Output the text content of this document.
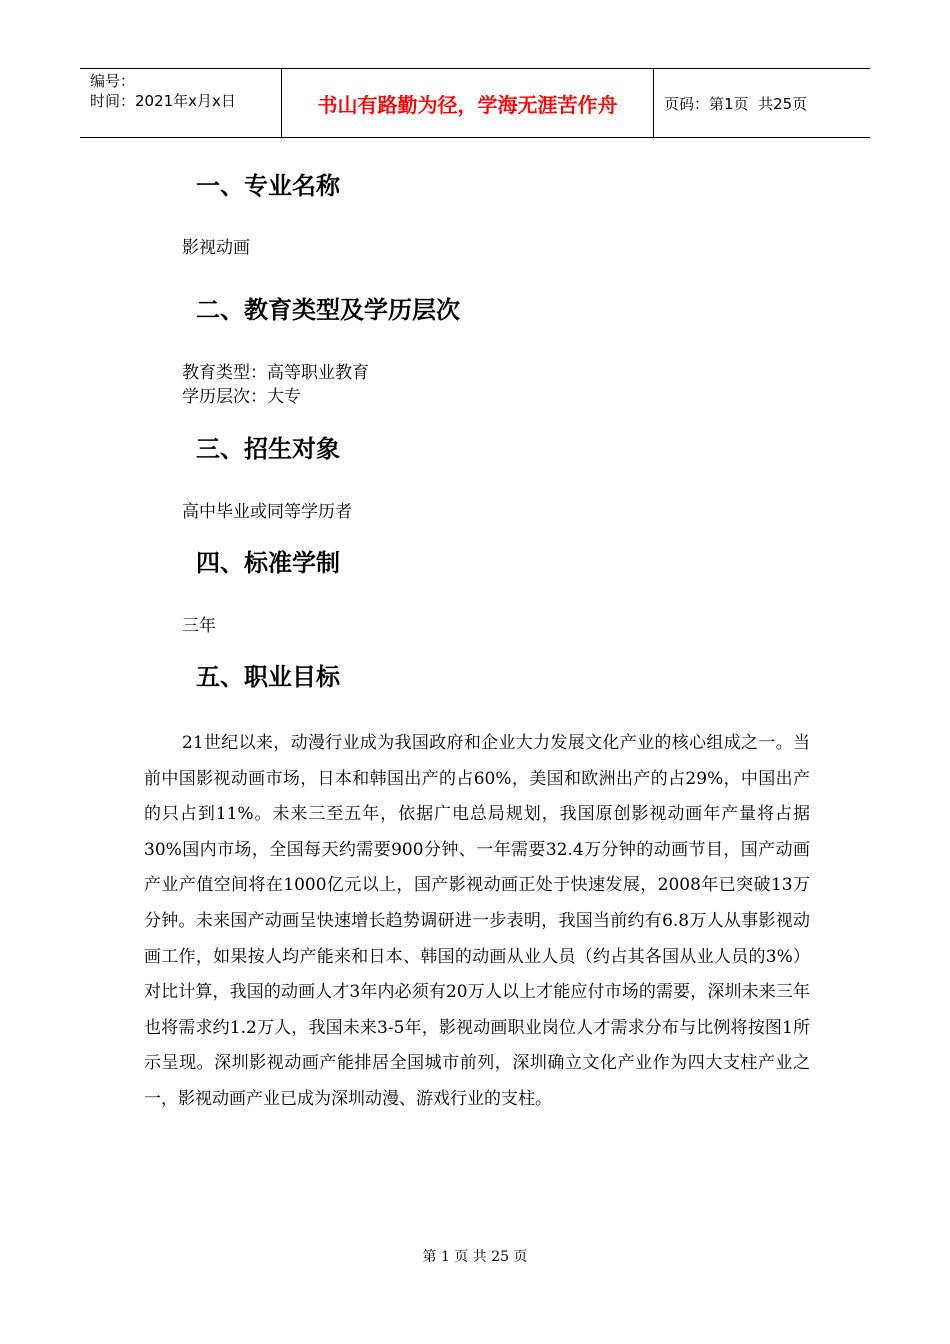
编号：
时间：2021年x月x日	书山有路勤为径，学海无涯苦作舟	页码：第1页  共25页
一、专业名称

影视动画

二、教育类型及学历层次

教育类型：高等职业教育

学历层次：大专

三、招生对象

高中毕业或同等学历者

四、标准学制

三年

五、职业目标

21世纪以来，动漫行业成为我国政府和企业大力发展文化产业的核心组成之一。当前中国影视动画市场，日本和韩国出产的占60%，美国和欧洲出产的占29%，中国出产的只占到11%。未来三至五年，依据广电总局规划，我国原创影视动画年产量将占据30%国内市场，全国每天约需要900分钟、一年需要32.4万分钟的动画节目，国产动画产业产值空间将在1000亿元以上，国产影视动画正处于快速发展，2008年已突破13万分钟。未来国产动画呈快速增长趋势调研进一步表明，我国当前约有6.8万人从事影视动画工作，如果按人均产能来和日本、韩国的动画从业人员（约占其各国从业人员的3%）对比计算，我国的动画人才3年内必须有20万人以上才能应付市场的需要，深圳未来三年也将需求约1.2万人，我国未来3-5年，影视动画职业岗位人才需求分布与比例将按图1所示呈现。深圳影视动画产能排居全国城市前列，深圳确立文化产业作为四大支柱产业之一，影视动画产业已成为深圳动漫、游戏行业的支柱。

第 1 页 共 25 页
